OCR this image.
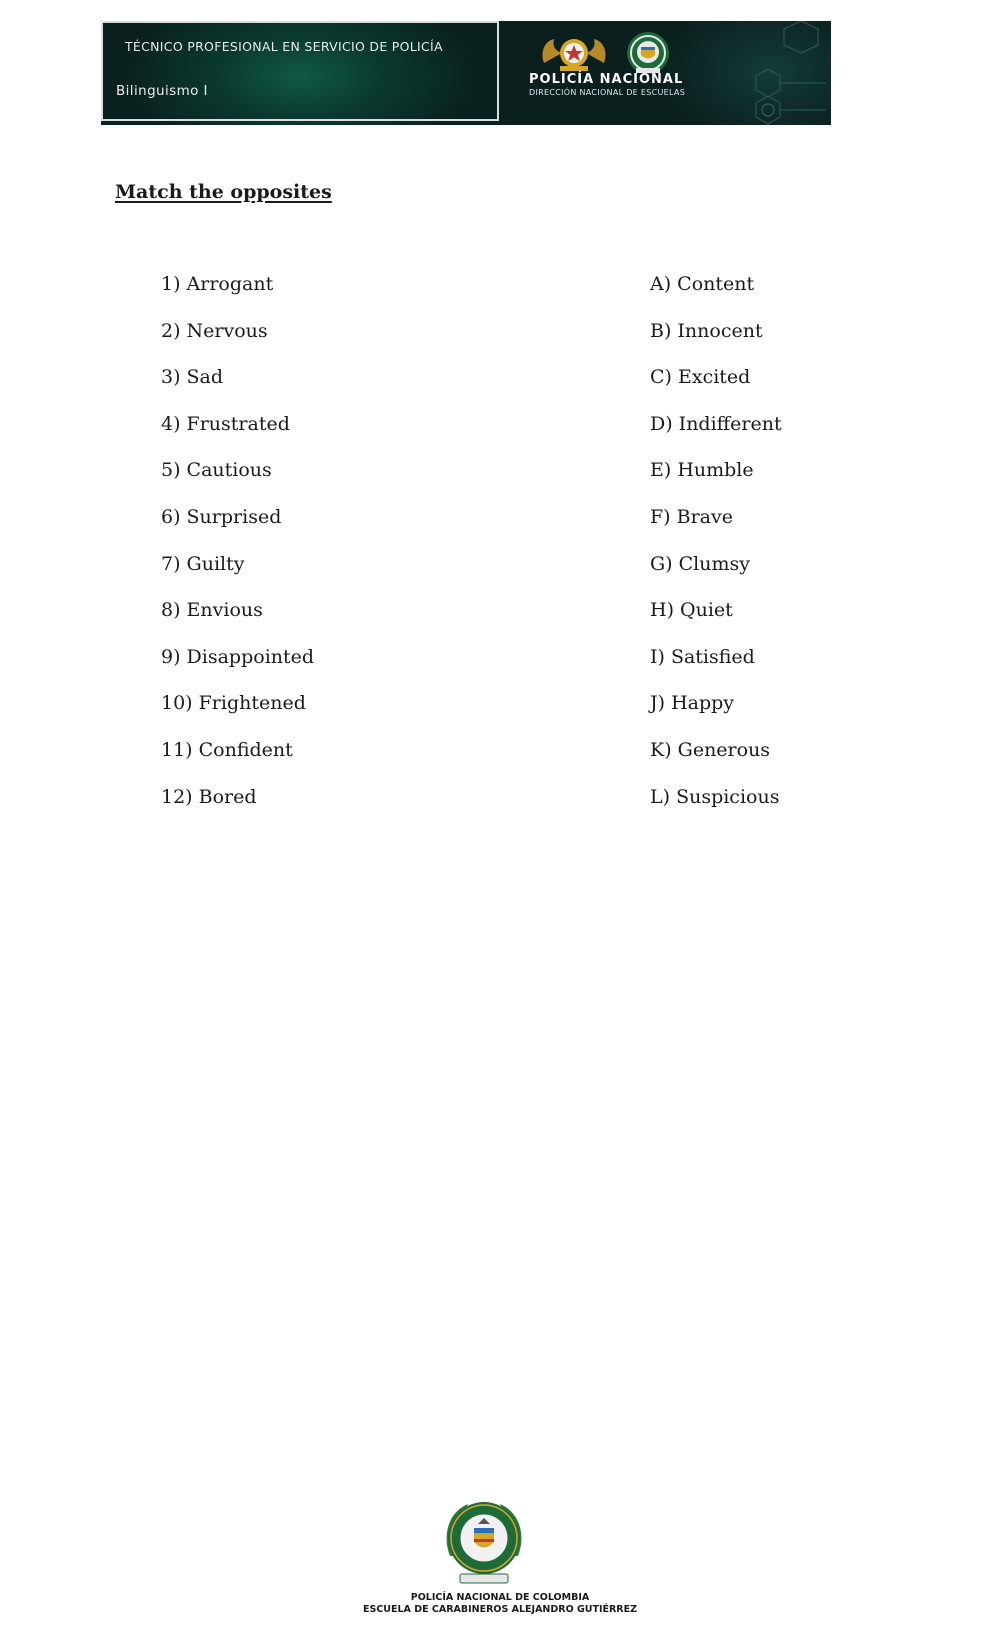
TÉCNICO PROFESIONAL EN SERVICIO DE POLICÍA
Bilinguismo I
POLICÍA NACIONAL
DIRECCIÓN NACIONAL DE ESCUELAS
Match the opposites
1) Arrogant
2) Nervous
3) Sad
4) Frustrated
5) Cautious
6) Surprised
7) Guilty
8) Envious
9) Disappointed
10) Frightened
11) Confident
12) Bored
A) Content
B) Innocent
C) Excited
D) Indifferent
E) Humble
F) Brave
G) Clumsy
H) Quiet
I) Satisfied
J) Happy
K) Generous
L) Suspicious
POLICÍA NACIONAL DE COLOMBIA
ESCUELA DE CARABINEROS ALEJANDRO GUTIÉRREZ
